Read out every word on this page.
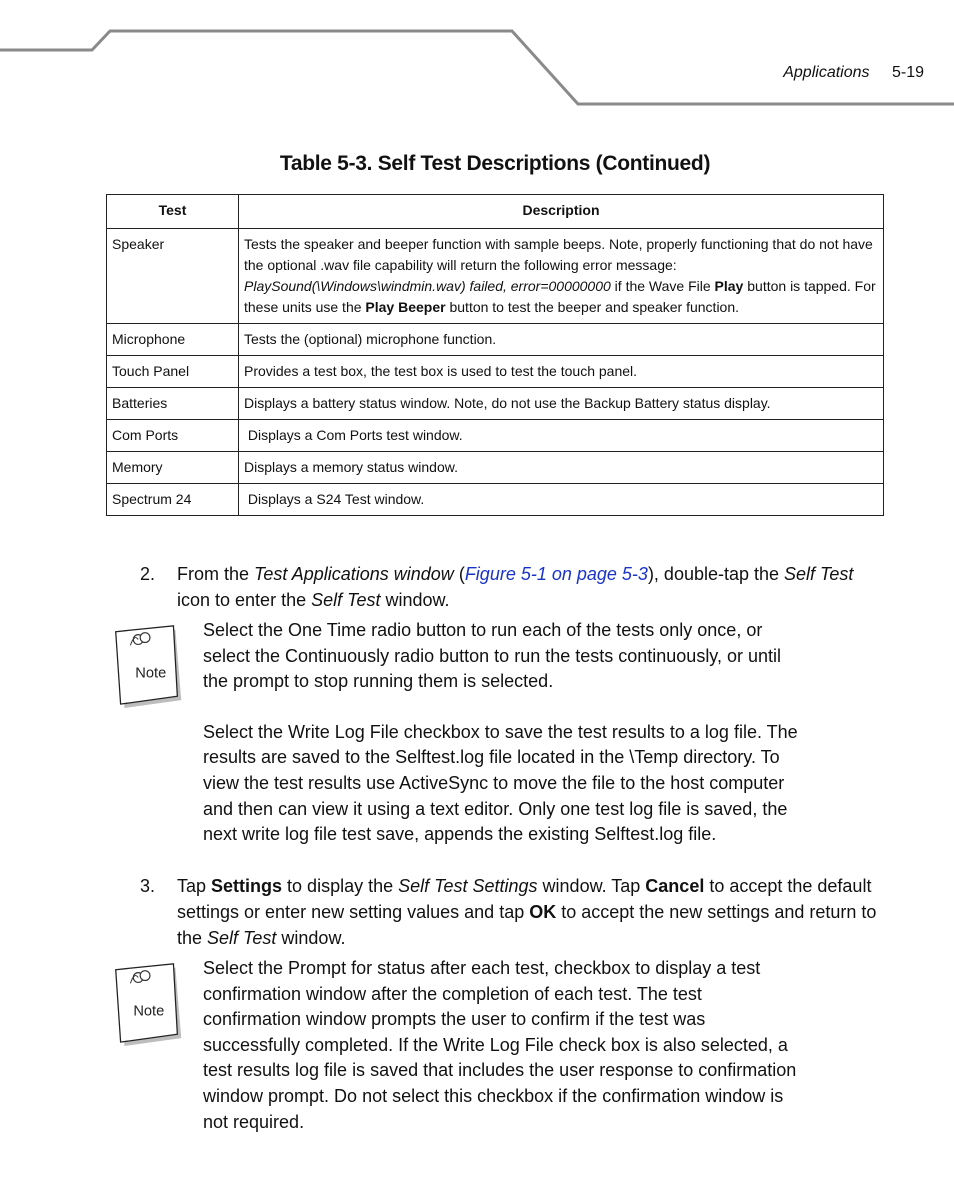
Applications 5-19
Table 5-3. Self Test Descriptions (Continued)
Test	Description
Speaker	Tests the speaker and beeper function with sample beeps. Note, properly functioning that do not have the optional .wav file capability will return the following error message: PlaySound(\Windows\windmin.wav) failed, error=00000000 if the Wave File Play button is tapped. For these units use the Play Beeper button to test the beeper and speaker function.
Microphone	Tests the (optional) microphone function.
Touch Panel	Provides a test box, the test box is used to test the touch panel.
Batteries	Displays a battery status window. Note, do not use the Backup Battery status display.
Com Ports	Displays a Com Ports test window.
Memory	Displays a memory status window.
Spectrum 24	Displays a S24 Test window.
2. From the Test Applications window (Figure 5-1 on page 5-3), double-tap the Self Test icon to enter the Self Test window.
Note

Select the One Time radio button to run each of the tests only once, or select the Continuously radio button to run the tests continuously, or until the prompt to stop running them is selected.

Select the Write Log File checkbox to save the test results to a log file. The results are saved to the Selftest.log file located in the \Temp directory. To view the test results use ActiveSync to move the file to the host computer and then can view it using a text editor. Only one test log file is saved, the next write log file test save, appends the existing Selftest.log file.

3. Tap Settings to display the Self Test Settings window. Tap Cancel to accept the default settings or enter new setting values and tap OK to accept the new settings and return to the Self Test window.
Note

Select the Prompt for status after each test, checkbox to display a test confirmation window after the completion of each test. The test confirmation window prompts the user to confirm if the test was successfully completed. If the Write Log File check box is also selected, a test results log file is saved that includes the user response to confirmation window prompt. Do not select this checkbox if the confirmation window is not required.
